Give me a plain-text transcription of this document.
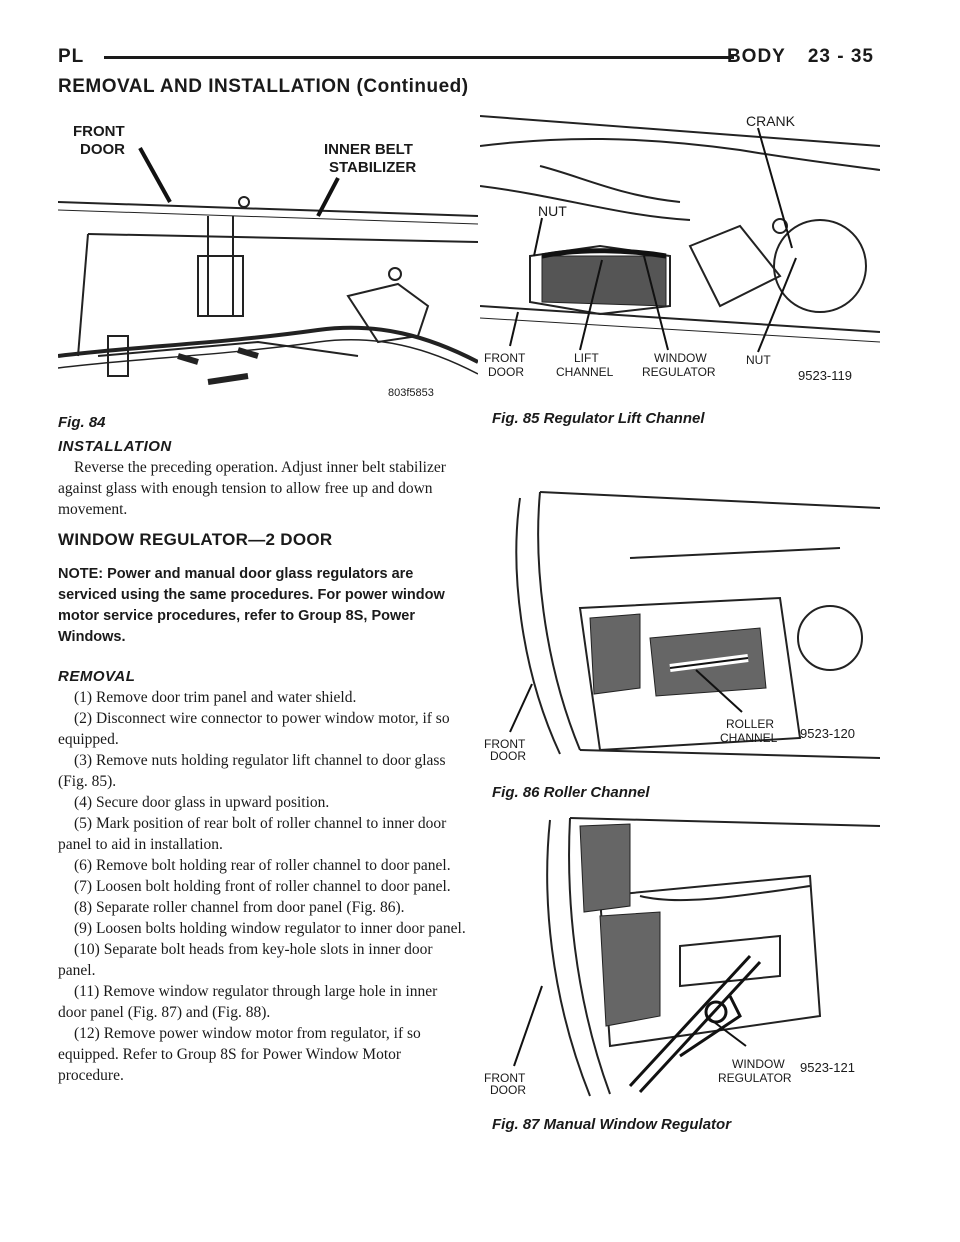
PL	BODY 23 - 35
REMOVAL AND INSTALLATION (Continued)
FRONT
DOOR	INNER BELT
STABILIZER
803f5853
Fig. 84
CRANK
NUT
FRONT
DOOR
LIFT
CHANNEL
WINDOW
REGULATOR
NUT
9523-119
Fig. 85 Regulator Lift Channel
FRONT
DOOR
ROLLER
CHANNEL 9523-120
Fig. 86 Roller Channel
FRONT
DOOR
WINDOW
REGULATOR
9523-121
Fig. 87 Manual Window Regulator

INSTALLATION

Reverse the preceding operation. Adjust inner belt stabilizer against glass with enough tension to allow free up and down movement.

WINDOW REGULATOR—2 DOOR

NOTE: Power and manual door glass regulators are serviced using the same procedures. For power window motor service procedures, refer to Group 8S, Power Windows.

REMOVAL

(1) Remove door trim panel and water shield.
(2) Disconnect wire connector to power window motor, if so equipped.
(3) Remove nuts holding regulator lift channel to door glass (Fig. 85).
(4) Secure door glass in upward position.
(5) Mark position of rear bolt of roller channel to inner door panel to aid in installation.
(6) Remove bolt holding rear of roller channel to door panel.
(7) Loosen bolt holding front of roller channel to door panel.
(8) Separate roller channel from door panel (Fig. 86).
(9) Loosen bolts holding window regulator to inner door panel.
(10) Separate bolt heads from key-hole slots in inner door panel.
(11) Remove window regulator through large hole in inner door panel (Fig. 87) and (Fig. 88).
(12) Remove power window motor from regulator, if so equipped. Refer to Group 8S for Power Window Motor procedure.
